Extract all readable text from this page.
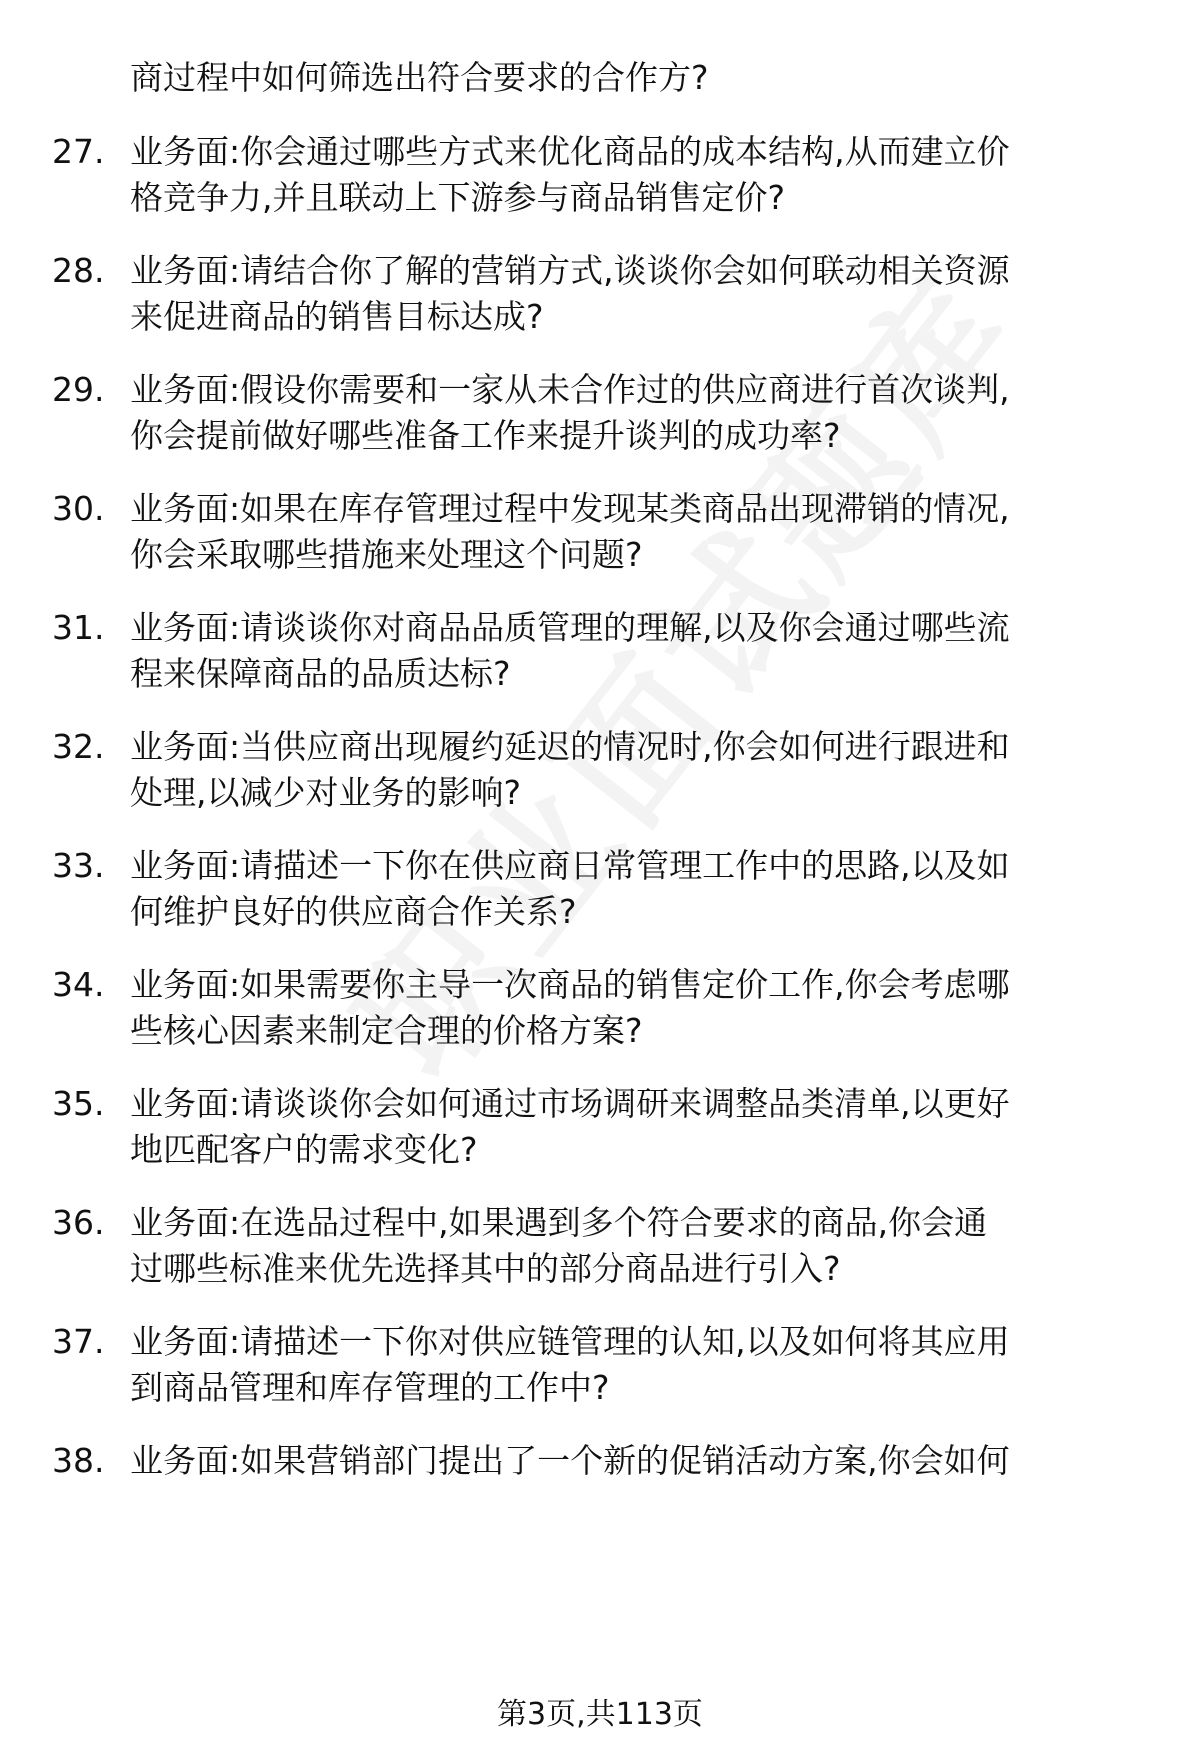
商过程中如何筛选出符合要求的合作方?
27. 业务面:你会通过哪些方式来优化商品的成本结构,从而建立价
格竞争力,并且联动上下游参与商品销售定价?
28. 业务面:请结合你了解的营销方式,谈谈你会如何联动相关资源
来促进商品的销售目标达成?
29. 业务面:假设你需要和一家从未合作过的供应商进行首次谈判,
你会提前做好哪些准备工作来提升谈判的成功率?
30. 业务面:如果在库存管理过程中发现某类商品出现滞销的情况,
你会采取哪些措施来处理这个问题?
31. 业务面:请谈谈你对商品品质管理的理解,以及你会通过哪些流
程来保障商品的品质达标?
32. 业务面:当供应商出现履约延迟的情况时,你会如何进行跟进和
处理,以减少对业务的影响?
33. 业务面:请描述一下你在供应商日常管理工作中的思路,以及如
何维护良好的供应商合作关系?
34. 业务面:如果需要你主导一次商品的销售定价工作,你会考虑哪
些核心因素来制定合理的价格方案?
35. 业务面:请谈谈你会如何通过市场调研来调整品类清单,以更好
地匹配客户的需求变化?
36. 业务面:在选品过程中,如果遇到多个符合要求的商品,你会通
过哪些标准来优先选择其中的部分商品进行引入?
37. 业务面:请描述一下你对供应链管理的认知,以及如何将其应用
到商品管理和库存管理的工作中?
38. 业务面:如果营销部门提出了一个新的促销活动方案,你会如何
第3页,共113页
